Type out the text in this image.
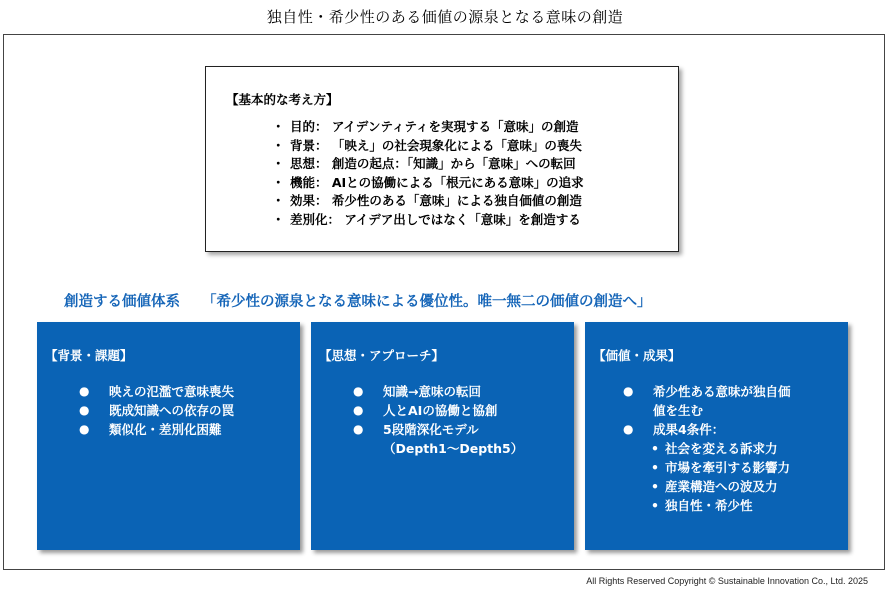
独自性・希少性のある価値の源泉となる意味の創造
【基本的な考え方】
・ 目的： アイデンティティを実現する「意味」の創造
・ 背景： 「映え」の社会現象化による「意味」の喪失
・ 思想： 創造の起点：「知識」から「意味」への転回
・ 機能： AIとの協働による「根元にある意味」の追求
・ 効果： 希少性のある「意味」による独自価値の創造
・ 差別化： アイデア出しではなく「意味」を創造する
創造する価値体系 「希少性の源泉となる意味による優位性。唯一無二の価値の創造へ」
【背景・課題】
● 映えの氾濫で意味喪失
● 既成知識への依存の罠
● 類似化・差別化困難
【思想・アプローチ】
● 知識→意味の転回
● 人とAIの協働と協創
● 5段階深化モデル
（Depth1〜Depth5）
【価値・成果】
● 希少性ある意味が独自価
値を生む
● 成果4条件：
• 社会を変える訴求力
• 市場を牽引する影響力
• 産業構造への波及力
• 独自性・希少性
All Rights Reserved Copyright © Sustainable Innovation Co., Ltd. 2025
